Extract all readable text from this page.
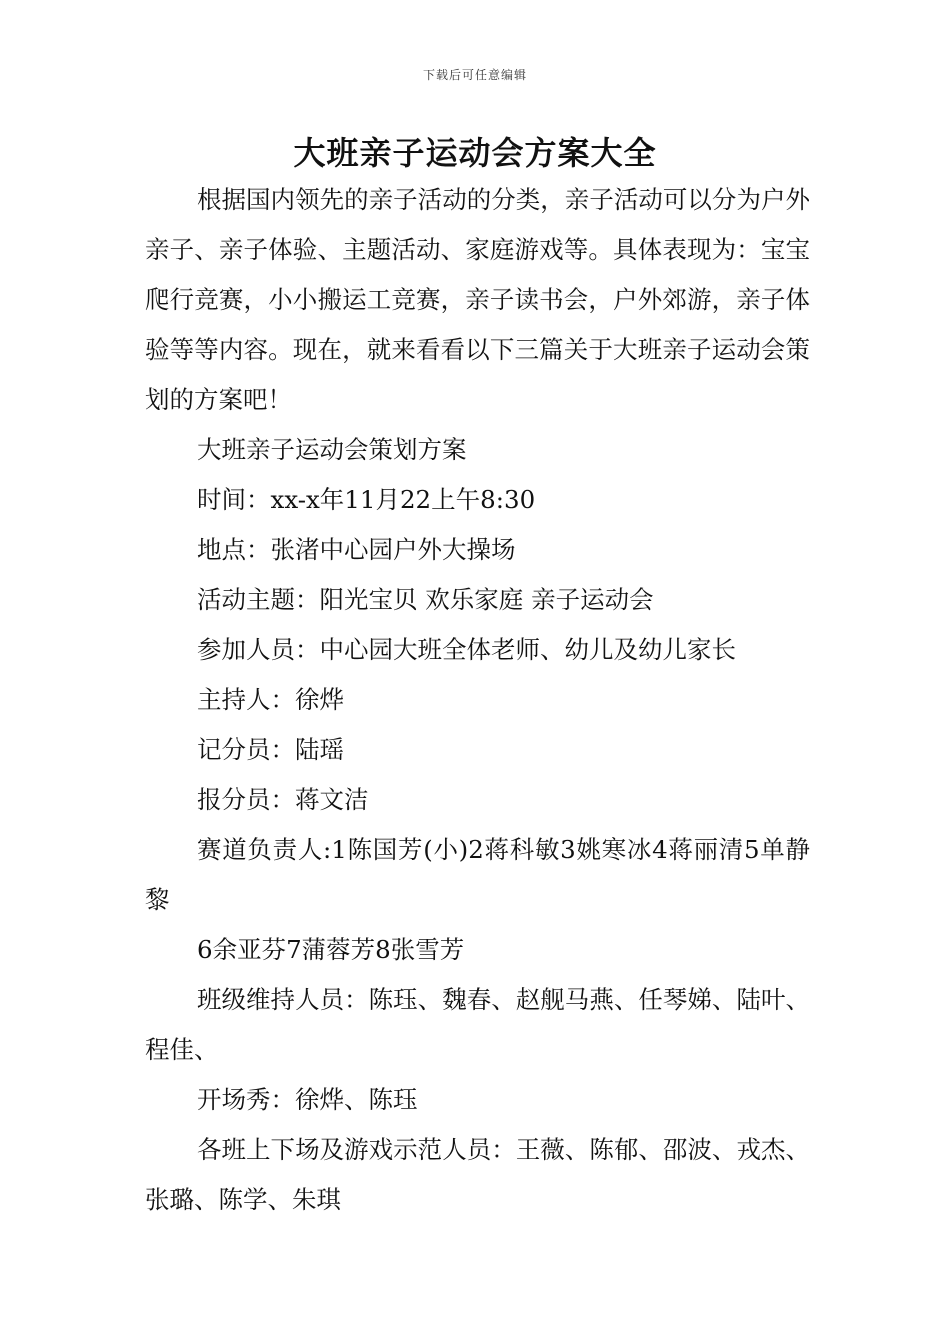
下载后可任意编辑
大班亲子运动会方案大全

根据国内领先的亲子活动的分类，亲子活动可以分为户外亲子、亲子体验、主题活动、家庭游戏等。具体表现为：宝宝爬行竞赛，小小搬运工竞赛，亲子读书会，户外郊游，亲子体验等等内容。现在，就来看看以下三篇关于大班亲子运动会策划的方案吧！

大班亲子运动会策划方案

时间：xx-x年11月22上午8:30

地点：张渚中心园户外大操场

活动主题：阳光宝贝 欢乐家庭 亲子运动会

参加人员：中心园大班全体老师、幼儿及幼儿家长

主持人：徐烨

记分员：陆瑶

报分员：蒋文洁

赛道负责人:1陈国芳(小)2蒋科敏3姚寒冰4蒋丽清5单静黎

6余亚芬7蒲蓉芳8张雪芳

班级维持人员：陈珏、魏春、赵舰马燕、任琴娣、陆叶、程佳、

开场秀：徐烨、陈珏

各班上下场及游戏示范人员：王薇、陈郁、邵波、戎杰、张璐、陈学、朱琪
